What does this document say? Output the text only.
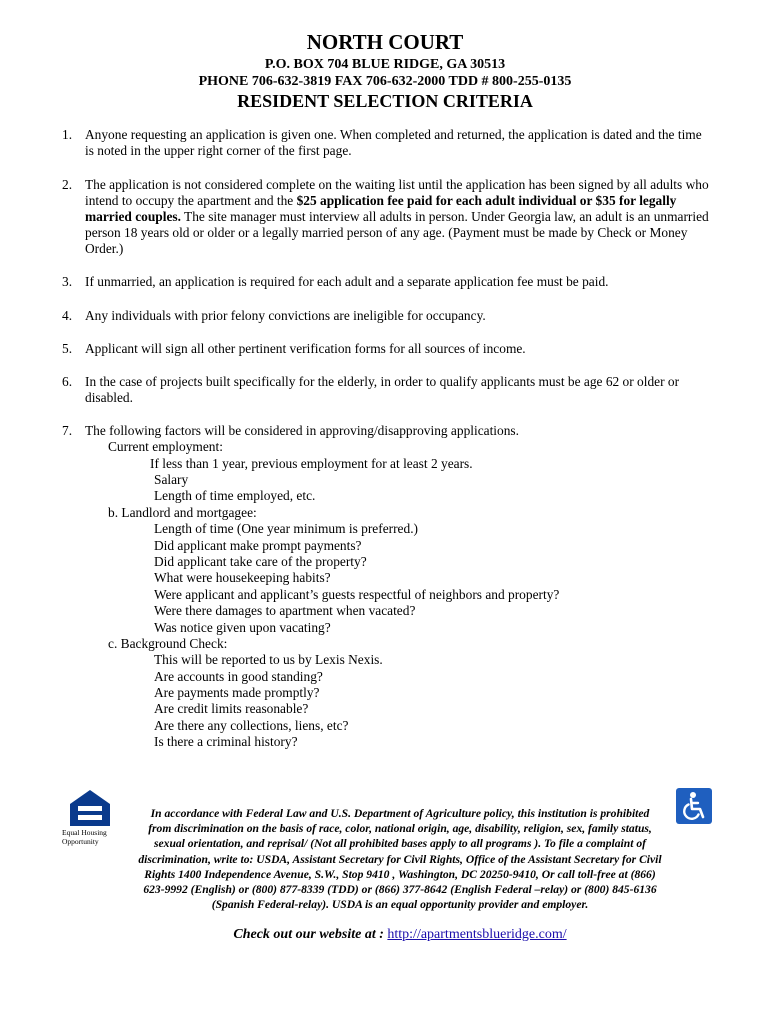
NORTH COURT
P.O. BOX 704 BLUE RIDGE, GA 30513
PHONE 706-632-3819 FAX 706-632-2000 TDD # 800-255-0135
RESIDENT SELECTION CRITERIA
1. Anyone requesting an application is given one. When completed and returned, the application is dated and the time is noted in the upper right corner of the first page.
2. The application is not considered complete on the waiting list until the application has been signed by all adults who intend to occupy the apartment and the $25 application fee paid for each adult individual or $35 for legally married couples. The site manager must interview all adults in person. Under Georgia law, an adult is an unmarried person 18 years old or older or a legally married person of any age. (Payment must be made by Check or Money Order.)
3. If unmarried, an application is required for each adult and a separate application fee must be paid.
4. Any individuals with prior felony convictions are ineligible for occupancy.
5. Applicant will sign all other pertinent verification forms for all sources of income.
6. In the case of projects built specifically for the elderly, in order to qualify applicants must be age 62 or older or disabled.
7. The following factors will be considered in approving/disapproving applications.
Current employment:
If less than 1 year, previous employment for at least 2 years.
Salary
Length of time employed, etc.
b. Landlord and mortgagee:
Length of time (One year minimum is preferred.)
Did applicant make prompt payments?
Did applicant take care of the property?
What were housekeeping habits?
Were applicant and applicant’s guests respectful of neighbors and property?
Were there damages to apartment when vacated?
Was notice given upon vacating?
c. Background Check:
This will be reported to us by Lexis Nexis.
Are accounts in good standing?
Are payments made promptly?
Are credit limits reasonable?
Are there any collections, liens, etc?
Is there a criminal history?
Equal Housing Opportunity
In accordance with Federal Law and U.S. Department of Agriculture policy, this institution is prohibited from discrimination on the basis of race, color, national origin, age, disability, religion, sex, family status, sexual orientation, and reprisal/ (Not all prohibited bases apply to all programs ). To file a complaint of discrimination, write to: USDA, Assistant Secretary for Civil Rights, Office of the Assistant Secretary for Civil Rights 1400 Independence Avenue, S.W., Stop 9410 , Washington, DC 20250-9410, Or call toll-free at (866) 623-9992 (English) or (800) 877-8339 (TDD) or (866) 377-8642 (English Federal –relay) or (800) 845-6136 (Spanish Federal-relay). USDA is an equal opportunity provider and employer.
Check out our website at : http://apartmentsblueridge.com/
